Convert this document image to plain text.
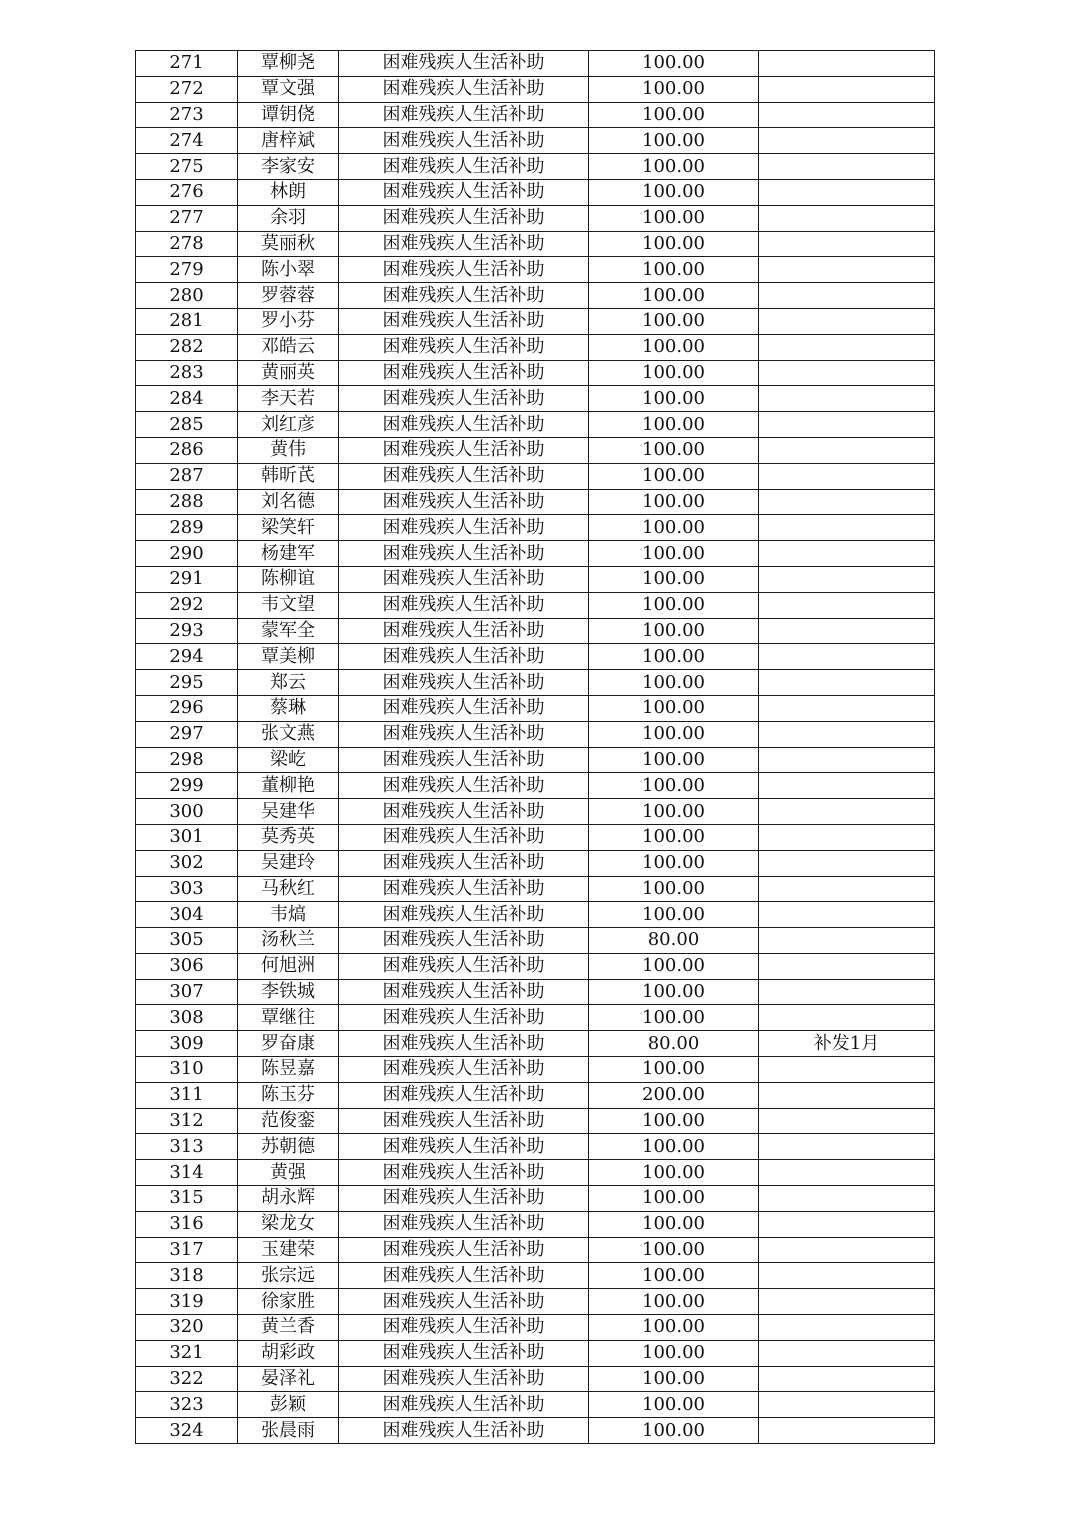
271	覃柳尧	困难残疾人生活补助	100.00	
272	覃文强	困难残疾人生活补助	100.00	
273	谭钥侥	困难残疾人生活补助	100.00	
274	唐梓斌	困难残疾人生活补助	100.00	
275	李家安	困难残疾人生活补助	100.00	
276	林朗	困难残疾人生活补助	100.00	
277	余羽	困难残疾人生活补助	100.00	
278	莫丽秋	困难残疾人生活补助	100.00	
279	陈小翠	困难残疾人生活补助	100.00	
280	罗蓉蓉	困难残疾人生活补助	100.00	
281	罗小芬	困难残疾人生活补助	100.00	
282	邓皓云	困难残疾人生活补助	100.00	
283	黄丽英	困难残疾人生活补助	100.00	
284	李天若	困难残疾人生活补助	100.00	
285	刘红彦	困难残疾人生活补助	100.00	
286	黄伟	困难残疾人生活补助	100.00	
287	韩昕芪	困难残疾人生活补助	100.00	
288	刘名德	困难残疾人生活补助	100.00	
289	梁笑轩	困难残疾人生活补助	100.00	
290	杨建军	困难残疾人生活补助	100.00	
291	陈柳谊	困难残疾人生活补助	100.00	
292	韦文望	困难残疾人生活补助	100.00	
293	蒙军全	困难残疾人生活补助	100.00	
294	覃美柳	困难残疾人生活补助	100.00	
295	郑云	困难残疾人生活补助	100.00	
296	蔡琳	困难残疾人生活补助	100.00	
297	张文燕	困难残疾人生活补助	100.00	
298	梁屹	困难残疾人生活补助	100.00	
299	董柳艳	困难残疾人生活补助	100.00	
300	吴建华	困难残疾人生活补助	100.00	
301	莫秀英	困难残疾人生活补助	100.00	
302	吴建玲	困难残疾人生活补助	100.00	
303	马秋红	困难残疾人生活补助	100.00	
304	韦熇	困难残疾人生活补助	100.00	
305	汤秋兰	困难残疾人生活补助	80.00	
306	何旭洲	困难残疾人生活补助	100.00	
307	李铁城	困难残疾人生活补助	100.00	
308	覃继往	困难残疾人生活补助	100.00	
309	罗奋康	困难残疾人生活补助	80.00	补发1月
310	陈昱嘉	困难残疾人生活补助	100.00	
311	陈玉芬	困难残疾人生活补助	200.00	
312	范俊銮	困难残疾人生活补助	100.00	
313	苏朝德	困难残疾人生活补助	100.00	
314	黄强	困难残疾人生活补助	100.00	
315	胡永辉	困难残疾人生活补助	100.00	
316	梁龙女	困难残疾人生活补助	100.00	
317	玉建荣	困难残疾人生活补助	100.00	
318	张宗远	困难残疾人生活补助	100.00	
319	徐家胜	困难残疾人生活补助	100.00	
320	黄兰香	困难残疾人生活补助	100.00	
321	胡彩政	困难残疾人生活补助	100.00	
322	晏泽礼	困难残疾人生活补助	100.00	
323	彭颖	困难残疾人生活补助	100.00	
324	张晨雨	困难残疾人生活补助	100.00	
